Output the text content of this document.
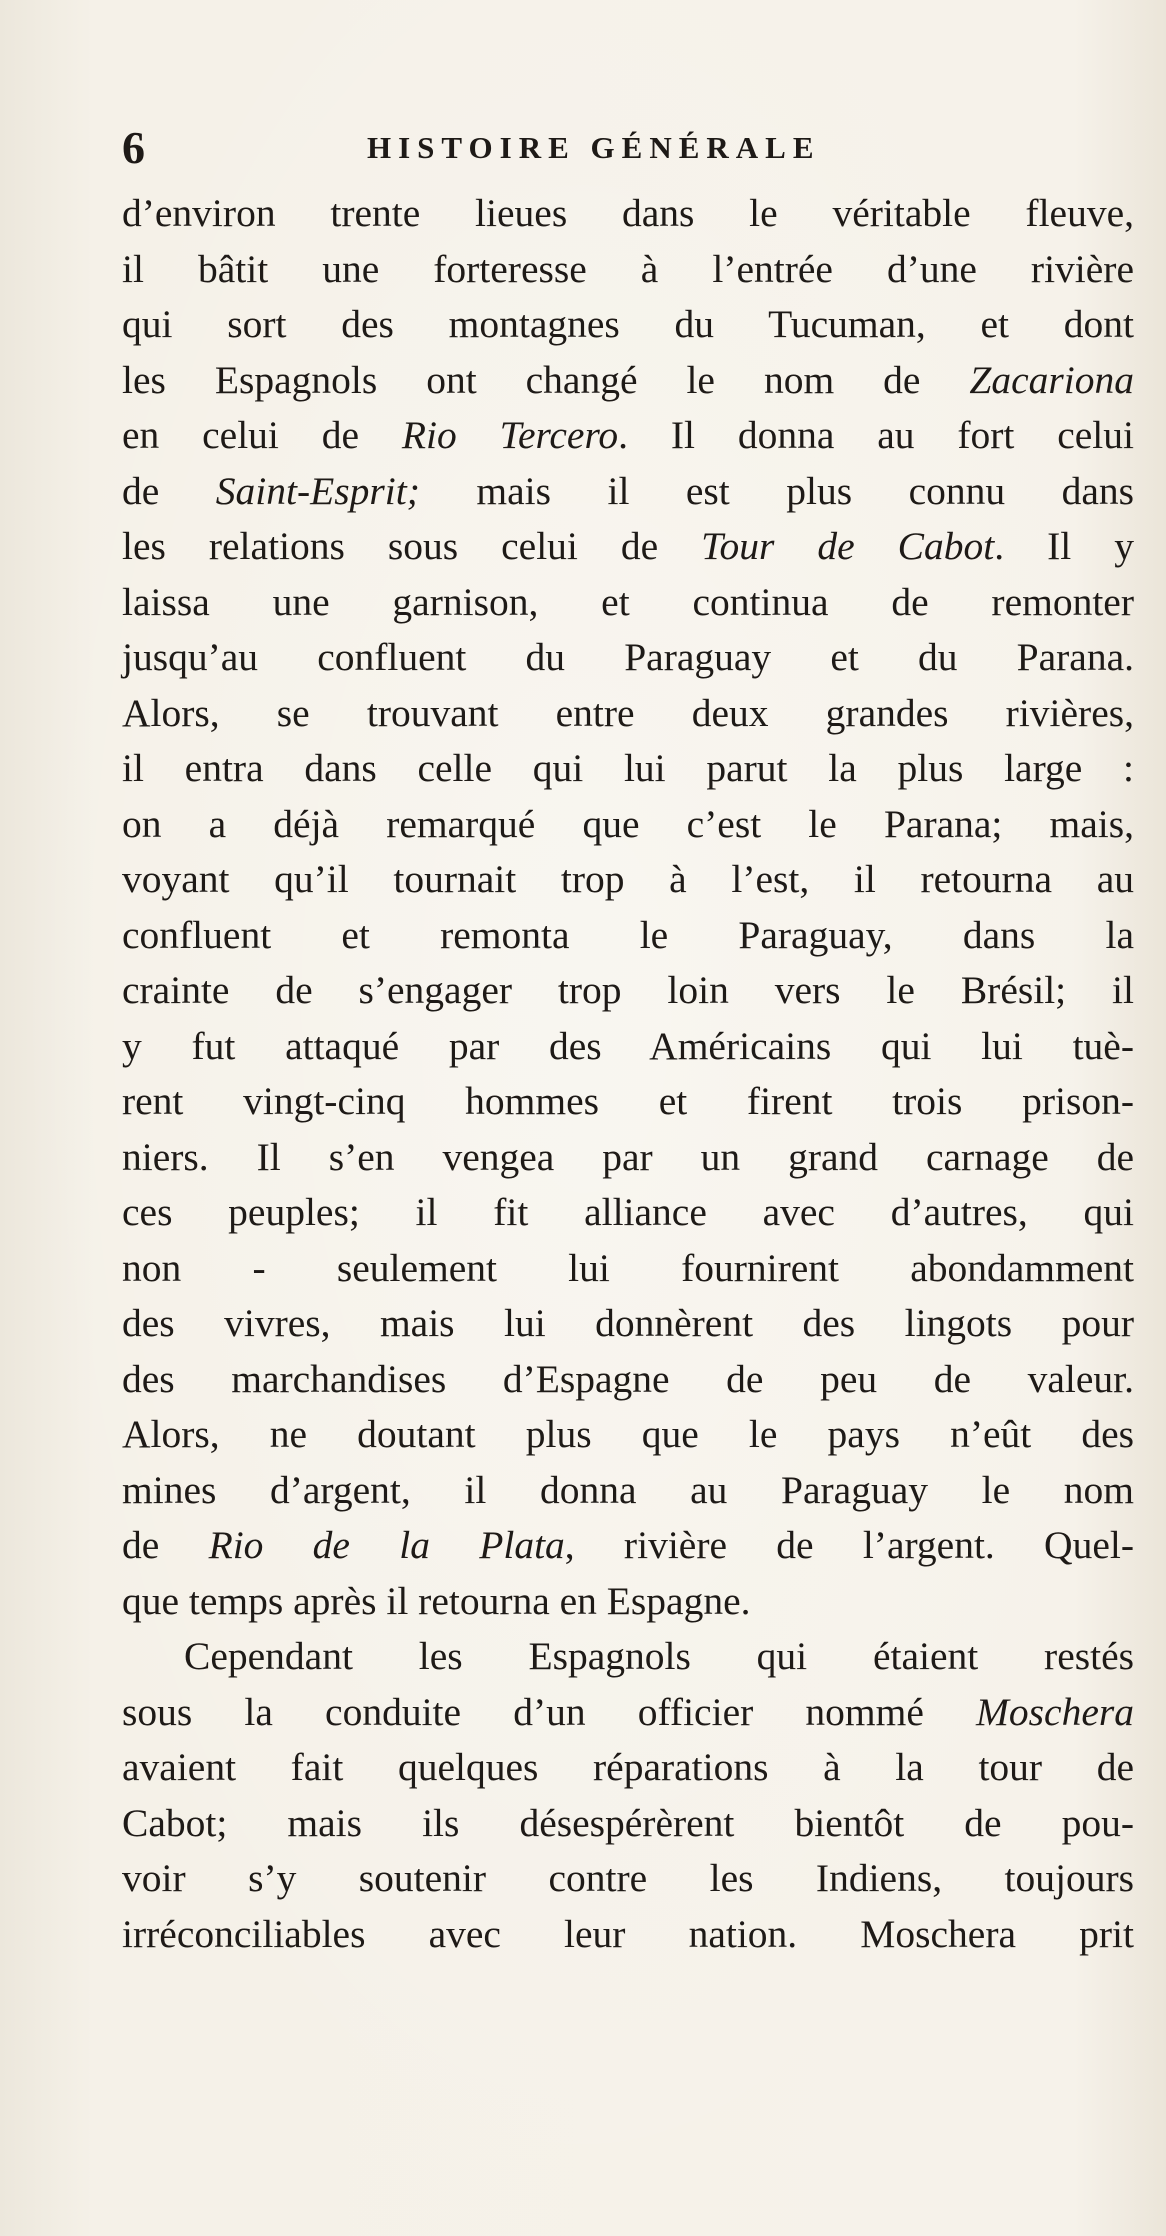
6	HISTOIRE GÉNÉRALE
d’environ trente lieues dans le véritable fleuve,
il bâtit une forteresse à l’entrée d’une rivière
qui sort des montagnes du Tucuman, et dont
les Espagnols ont changé le nom de Zacariona
en celui de Rio Tercero. Il donna au fort celui
de Saint-Esprit; mais il est plus connu dans
les relations sous celui de Tour de Cabot. Il y
laissa une garnison, et continua de remonter
jusqu’au confluent du Paraguay et du Parana.
Alors, se trouvant entre deux grandes rivières,
il entra dans celle qui lui parut la plus large :
on a déjà remarqué que c’est le Parana; mais,
voyant qu’il tournait trop à l’est, il retourna au
confluent et remonta le Paraguay, dans la
crainte de s’engager trop loin vers le Brésil; il
y fut attaqué par des Américains qui lui tuè-
rent vingt-cinq hommes et firent trois prison-
niers. Il s’en vengea par un grand carnage de
ces peuples; il fit alliance avec d’autres, qui
non - seulement lui fournirent abondamment
des vivres, mais lui donnèrent des lingots pour
des marchandises d’Espagne de peu de valeur.
Alors, ne doutant plus que le pays n’eût des
mines d’argent, il donna au Paraguay le nom
de Rio de la Plata, rivière de l’argent. Quel-
que temps après il retourna en Espagne.
Cependant les Espagnols qui étaient restés
sous la conduite d’un officier nommé Moschera
avaient fait quelques réparations à la tour de
Cabot; mais ils désespérèrent bientôt de pou-
voir s’y soutenir contre les Indiens, toujours
irréconciliables avec leur nation. Moschera prit
